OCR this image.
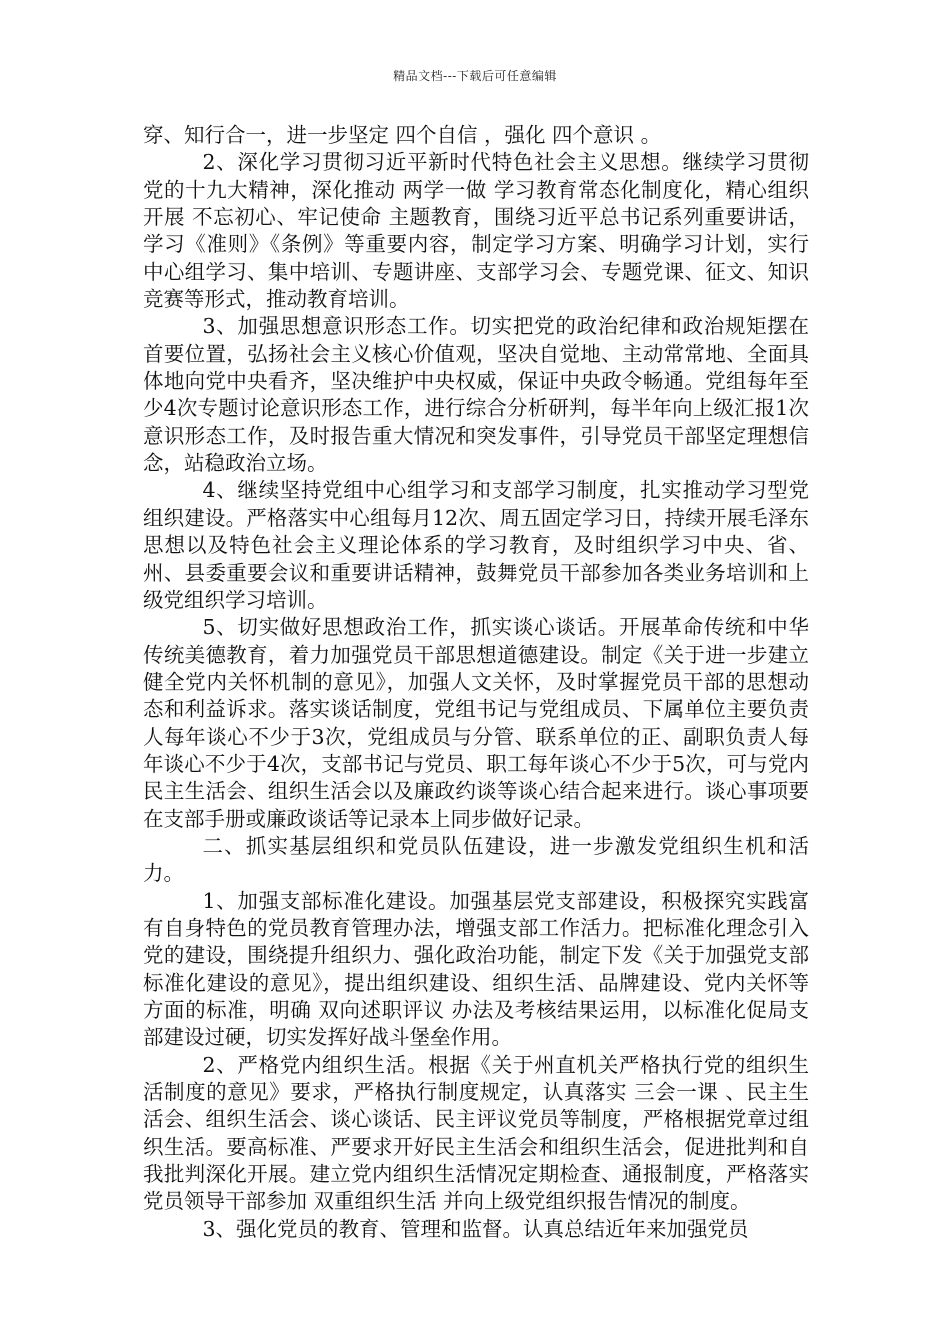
精品文档---下载后可任意编辑

穿、知行合一，进一步坚定 四个自信 ，强化 四个意识 。

2、深化学习贯彻习近平新时代特色社会主义思想。继续学习贯彻党的十九大精神，深化推动 两学一做 学习教育常态化制度化，精心组织开展 不忘初心、牢记使命 主题教育，围绕习近平总书记系列重要讲话，学习《准则》《条例》等重要内容，制定学习方案、明确学习计划，实行中心组学习、集中培训、专题讲座、支部学习会、专题党课、征文、知识竞赛等形式，推动教育培训。

3、加强思想意识形态工作。切实把党的政治纪律和政治规矩摆在首要位置，弘扬社会主义核心价值观，坚决自觉地、主动常常地、全面具体地向党中央看齐，坚决维护中央权威，保证中央政令畅通。党组每年至少4次专题讨论意识形态工作，进行综合分析研判，每半年向上级汇报1次意识形态工作，及时报告重大情况和突发事件，引导党员干部坚定理想信念，站稳政治立场。

4、继续坚持党组中心组学习和支部学习制度，扎实推动学习型党组织建设。严格落实中心组每月12次、周五固定学习日，持续开展毛泽东思想以及特色社会主义理论体系的学习教育，及时组织学习中央、省、州、县委重要会议和重要讲话精神，鼓舞党员干部参加各类业务培训和上级党组织学习培训。

5、切实做好思想政治工作，抓实谈心谈话。开展革命传统和中华传统美德教育，着力加强党员干部思想道德建设。制定《关于进一步建立健全党内关怀机制的意见》，加强人文关怀，及时掌握党员干部的思想动态和利益诉求。落实谈话制度，党组书记与党组成员、下属单位主要负责人每年谈心不少于3次，党组成员与分管、联系单位的正、副职负责人每年谈心不少于4次，支部书记与党员、职工每年谈心不少于5次，可与党内民主生活会、组织生活会以及廉政约谈等谈心结合起来进行。谈心事项要在支部手册或廉政谈话等记录本上同步做好记录。

二、抓实基层组织和党员队伍建设，进一步激发党组织生机和活力。

1、加强支部标准化建设。加强基层党支部建设，积极探究实践富有自身特色的党员教育管理办法，增强支部工作活力。把标准化理念引入党的建设，围绕提升组织力、强化政治功能，制定下发《关于加强党支部标准化建设的意见》，提出组织建设、组织生活、品牌建设、党内关怀等方面的标准，明确 双向述职评议 办法及考核结果运用，以标准化促局支部建设过硬，切实发挥好战斗堡垒作用。

2、严格党内组织生活。根据《关于州直机关严格执行党的组织生活制度的意见》要求，严格执行制度规定，认真落实 三会一课 、民主生活会、组织生活会、谈心谈话、民主评议党员等制度，严格根据党章过组织生活。要高标准、严要求开好民主生活会和组织生活会，促进批判和自我批判深化开展。建立党内组织生活情况定期检查、通报制度，严格落实党员领导干部参加 双重组织生活 并向上级党组织报告情况的制度。

3、强化党员的教育、管理和监督。认真总结近年来加强党员
